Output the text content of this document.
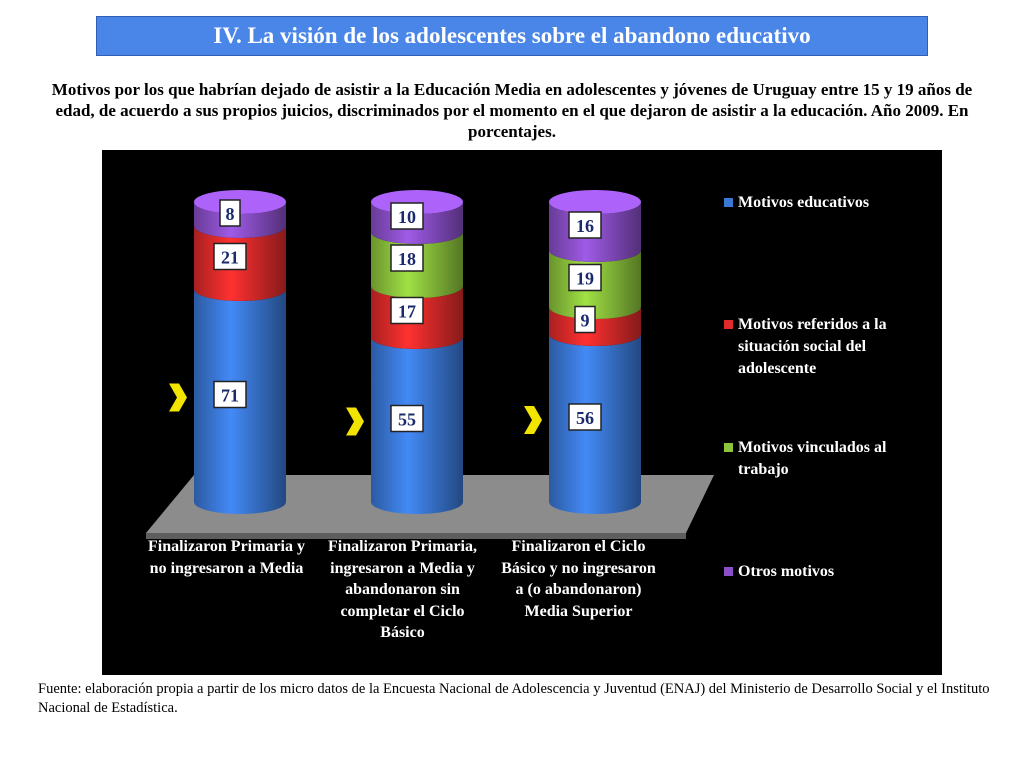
IV. La visión de los adolescentes sobre el abandono educativo
Motivos por los que habrían dejado de asistir a la Educación Media en adolescentes y jóvenes de Uruguay entre 15 y 19 años de edad, de acuerdo a sus propios juicios, discriminados por el momento en el que dejaron de asistir a la educación. Año 2009. En porcentajes.
71
21
8
55
17
18
10
56
9
19
16
Finalizaron Primaria y no ingresaron a Media
Finalizaron Primaria, ingresaron a Media y abandonaron sin completar el Ciclo Básico
Finalizaron el Ciclo Básico y no ingresaron a (o abandonaron) Media Superior
Motivos educativos
Motivos referidos a la situación social del adolescente
Motivos vinculados al trabajo
Otros motivos
Fuente: elaboración propia a partir de los micro datos de la Encuesta Nacional de Adolescencia y Juventud (ENAJ) del Ministerio de Desarrollo Social y el Instituto Nacional de Estadística.
